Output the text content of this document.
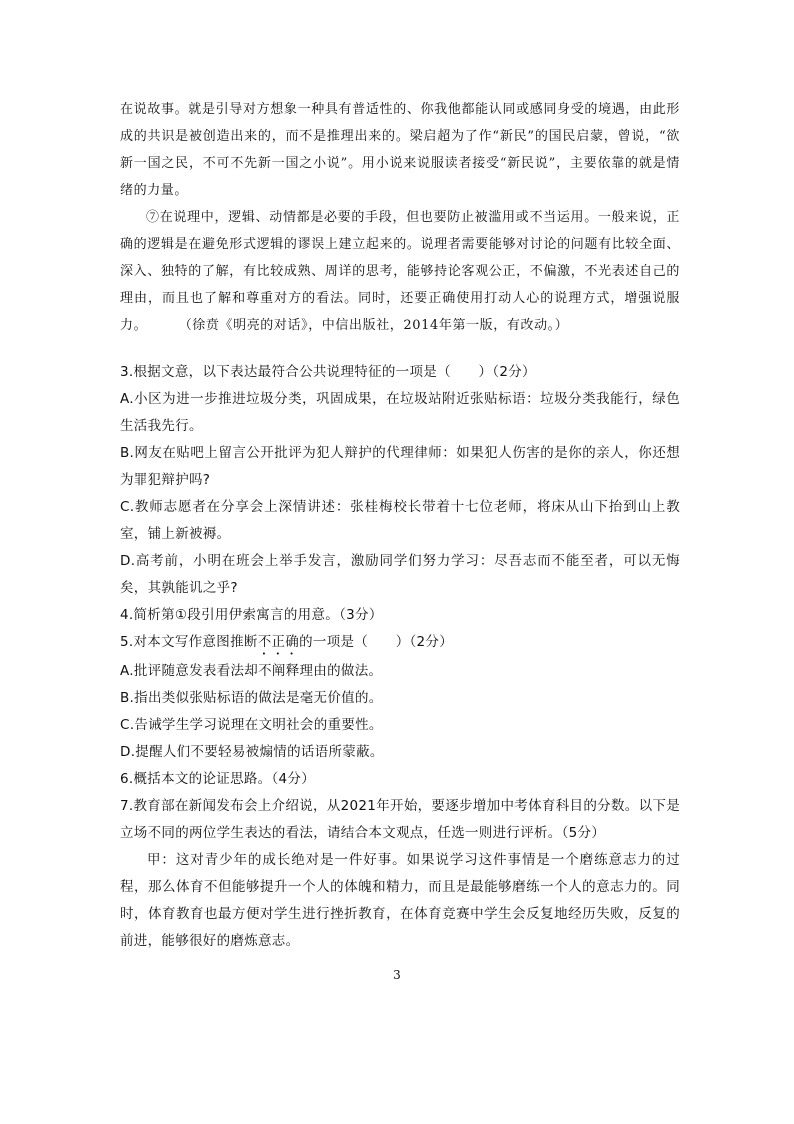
在说故事。就是引导对方想象一种具有普适性的、你我他都能认同或感同身受的境遇，由此形成的共识是被创造出来的，而不是推理出来的。梁启超为了作“新民”的国民启蒙，曾说，“欲新一国之民，不可不先新一国之小说”。用小说来说服读者接受“新民说”，主要依靠的就是情绪的力量。

⑦在说理中，逻辑、动情都是必要的手段，但也要防止被滥用或不当运用。一般来说，正确的逻辑是在避免形式逻辑的谬误上建立起来的。说理者需要能够对讨论的问题有比较全面、深入、独特的了解，有比较成熟、周详的思考，能够持论客观公正，不偏激，不光表述自己的理由，而且也了解和尊重对方的看法。同时，还要正确使用打动人心的说理方式，增强说服力。	（徐贲《明亮的对话》，中信出版社，2014年第一版，有改动。）

3.根据文意，以下表达最符合公共说理特征的一项是（　　）（2分）

A.小区为进一步推进垃圾分类，巩固成果，在垃圾站附近张贴标语：垃圾分类我能行，绿色生活我先行。

B.网友在贴吧上留言公开批评为犯人辩护的代理律师：如果犯人伤害的是你的亲人，你还想为罪犯辩护吗?

C.教师志愿者在分享会上深情讲述：张桂梅校长带着十七位老师，将床从山下抬到山上教室，铺上新被褥。

D.高考前，小明在班会上举手发言，激励同学们努力学习：尽吾志而不能至者，可以无悔矣，其孰能讥之乎?

4.简析第①段引用伊索寓言的用意。（3分）

5.对本文写作意图推断不正确的一项是（　　）（2分）

A.批评随意发表看法却不阐释理由的做法。

B.指出类似张贴标语的做法是毫无价值的。

C.告诫学生学习说理在文明社会的重要性。

D.提醒人们不要轻易被煽情的话语所蒙蔽。

6.概括本文的论证思路。（4分）

7.教育部在新闻发布会上介绍说，从2021年开始，要逐步增加中考体育科目的分数。以下是立场不同的两位学生表达的看法，请结合本文观点，任选一则进行评析。（5分）

甲：这对青少年的成长绝对是一件好事。如果说学习这件事情是一个磨练意志力的过程，那么体育不但能够提升一个人的体魄和精力，而且是最能够磨练一个人的意志力的。同时，体育教育也最方便对学生进行挫折教育，在体育竞赛中学生会反复地经历失败，反复的前进，能够很好的磨炼意志。

3
